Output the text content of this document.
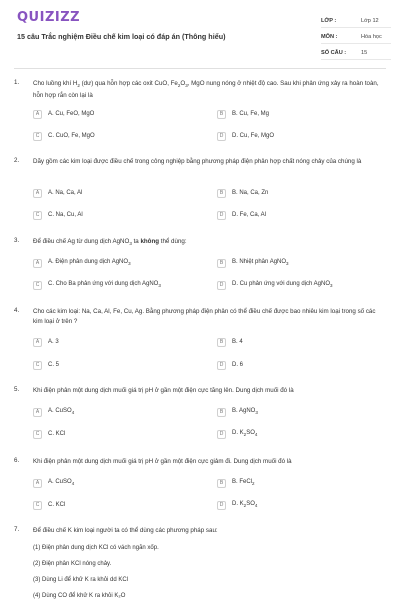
QUIZIZZ
15 câu Trắc nghiệm Điều chế kim loại có đáp án (Thông hiểu)
LỚP :	Lớp 12
MÔN :	Hóa học
SỐ CÂU :	15
1. Cho luồng khí $H_2$ (dư) qua hỗn hợp các oxit CuO, $Fe_2O_3$, MgO nung nóng ở nhiệt độ cao. Sau khi phản ứng xảy ra hoàn toàn, hỗn hợp rắn còn lại là
A	A. Cu, FeO, MgO	B	B. Cu, Fe, Mg
C	C. CuO, Fe, MgO	D	D. Cu, Fe, MgO
2. Dãy gồm các kim loại được điều chế trong công nghiệp bằng phương pháp điện phân hợp chất nóng chảy của chúng là
A	A. Na, Ca, Al	B	B. Na, Ca, Zn
C	C. Na, Cu, Al	D	D. Fe, Ca, Al
3. Để điều chế Ag từ dung dịch AgNO$_3$ ta không thể dùng:
A	A. Điện phân dung dịch AgNO$_3$	B	B. Nhiệt phân AgNO$_3$
C	C. Cho Ba phản ứng với dung dịch AgNO$_3$	D	D. Cu phản ứng với dung dịch AgNO$_3$
4. Cho các kim loại: Na, Ca, Al, Fe, Cu, Ag. Bằng phương pháp điện phân có thể điều chế được bao nhiêu kim loại trong số các kim loại ở trên ?
A	A. 3	B	B. 4
C	C. 5	D	D. 6
5. Khi điện phân một dung dịch muối giá trị pH ở gần một điện cực tăng lên. Dung dịch muối đó là
A	A. CuSO$_4$	B	B. AgNO$_3$
C	C. KCl	D	D. $K_2SO_4$
6. Khi điện phân một dung dịch muối giá trị pH ở gần một điện cực giảm đi. Dung dịch muối đó là
A	A. CuSO$_4$	B	B. FeCl$_2$
C	C. KCl	D	D. $K_2SO_4$
7. Để điều chế K kim loại người ta có thể dùng các phương pháp sau:
(1) Điện phân dung dịch KCl có vách ngăn xốp.
(2) Điện phân KCl nóng chảy.
(3) Dùng Li để khử K ra khỏi dd KCl
(4) Dùng CO để khử K ra khỏi K₂O
